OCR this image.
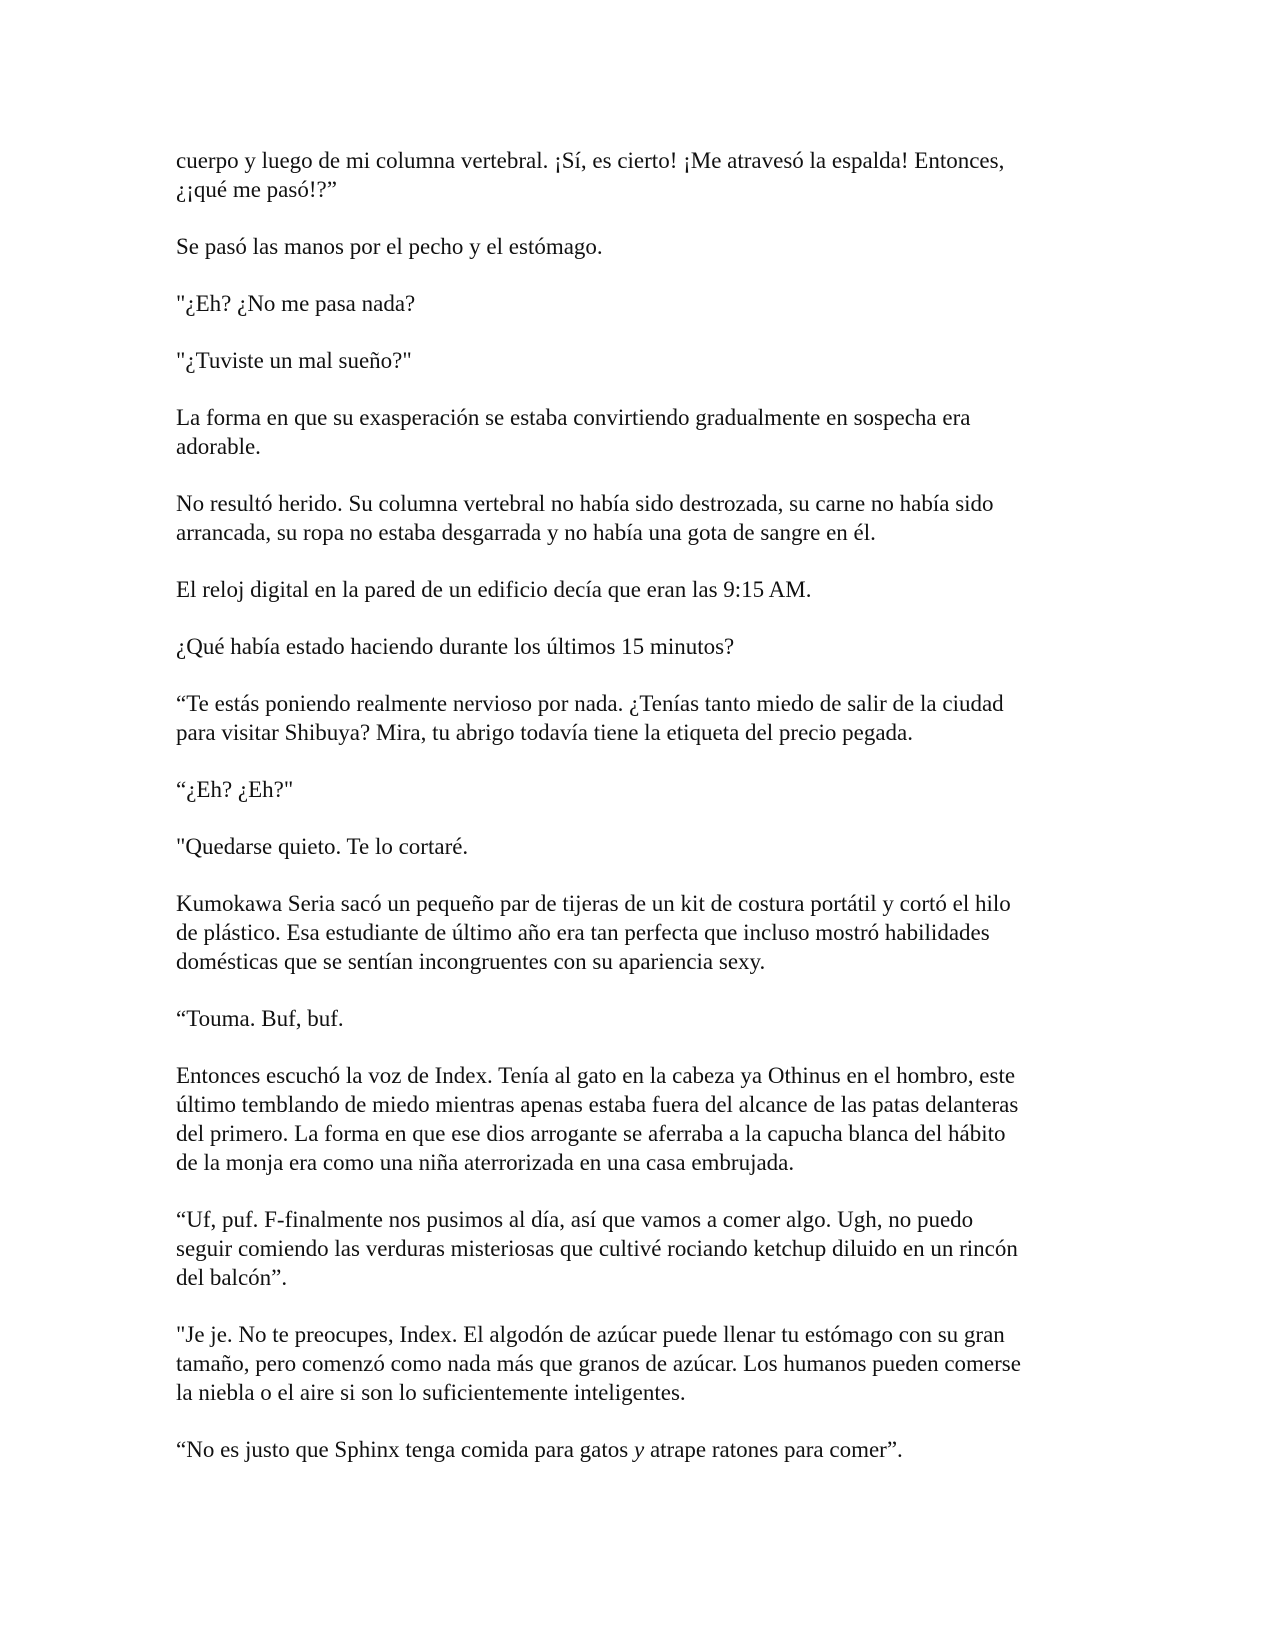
cuerpo y luego de mi columna vertebral. ¡Sí, es cierto! ¡Me atravesó la espalda! Entonces,
¿¡qué me pasó!?”

Se pasó las manos por el pecho y el estómago.

"¿Eh? ¿No me pasa nada?

"¿Tuviste un mal sueño?"

La forma en que su exasperación se estaba convirtiendo gradualmente en sospecha era
adorable.

No resultó herido. Su columna vertebral no había sido destrozada, su carne no había sido
arrancada, su ropa no estaba desgarrada y no había una gota de sangre en él.

El reloj digital en la pared de un edificio decía que eran las 9:15 AM.

¿Qué había estado haciendo durante los últimos 15 minutos?

“Te estás poniendo realmente nervioso por nada. ¿Tenías tanto miedo de salir de la ciudad
para visitar Shibuya? Mira, tu abrigo todavía tiene la etiqueta del precio pegada.

“¿Eh? ¿Eh?"

"Quedarse quieto. Te lo cortaré.

Kumokawa Seria sacó un pequeño par de tijeras de un kit de costura portátil y cortó el hilo
de plástico. Esa estudiante de último año era tan perfecta que incluso mostró habilidades
domésticas que se sentían incongruentes con su apariencia sexy.

“Touma. Buf, buf.

Entonces escuchó la voz de Index. Tenía al gato en la cabeza ya Othinus en el hombro, este
último temblando de miedo mientras apenas estaba fuera del alcance de las patas delanteras
del primero. La forma en que ese dios arrogante se aferraba a la capucha blanca del hábito
de la monja era como una niña aterrorizada en una casa embrujada.

“Uf, puf. F-finalmente nos pusimos al día, así que vamos a comer algo. Ugh, no puedo
seguir comiendo las verduras misteriosas que cultivé rociando ketchup diluido en un rincón
del balcón”.

"Je je. No te preocupes, Index. El algodón de azúcar puede llenar tu estómago con su gran
tamaño, pero comenzó como nada más que granos de azúcar. Los humanos pueden comerse
la niebla o el aire si son lo suficientemente inteligentes.

“No es justo que Sphinx tenga comida para gatos y atrape ratones para comer”.
